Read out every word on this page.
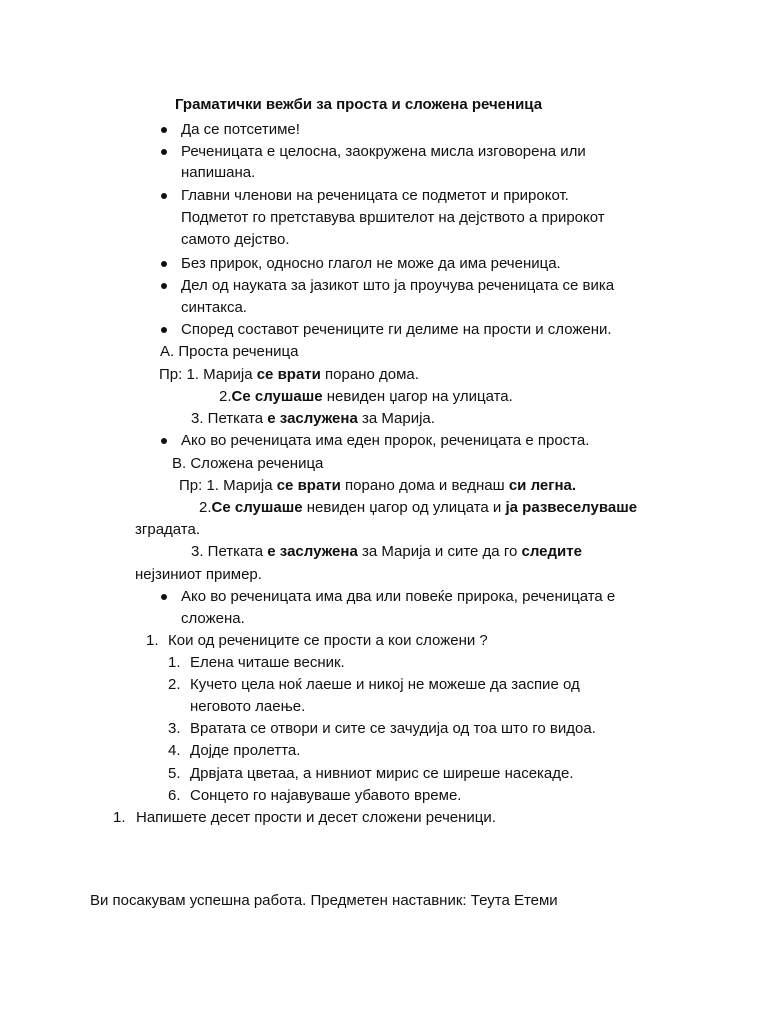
Граматички вежби за проста и сложена реченица
Да се потсетиме!
Реченицата е целосна, заокружена мисла изговорена или
напишана.
Главни членови на реченицата се подметот и прирокот.
Подметот го претставува вршителот на дејството а прирокот
самото дејство.
Без прирок, односно глагол не може да има реченица.
Дел од науката за јазикот што ја проучува реченицата се вика
синтакса.
Според составот речениците ги делиме на прости и сложени.
А. Проста реченица
Пр: 1. Марија се врати порано дома.
2.Се слушаше невиден џагор на улицата.
3. Петката е заслужена за Марија.
Ако во реченицата има еден пророк, реченицата е проста.
В. Сложена реченица
Пр: 1. Марија се врати порано дома и веднаш си легна.
2.Се слушаше невиден џагор од улицата и ја развеселуваше
зградата.
3. Петката е заслужена за Марија и сите да го следите
нејзиниот пример.
Ако во реченицата има два или повеќе прирока, реченицата е
сложена.
1. Кои од речениците се прости а кои сложени ?
1. Елена читаше весник.
2. Кучето цела ноќ лаеше и никој не можеше да заспие од
неговото лаење.
3. Вратата се отвори и сите се зачудија од тоа што го видоа.
4. Дојде пролетта.
5. Дрвјата цветаа, а нивниот мирис се ширеше насекаде.
6. Сонцето го најавуваше убавото време.
1. Напишете десет прости и десет сложени реченици.
Ви посакувам успешна работа. Предметен наставник: Теута Етеми
